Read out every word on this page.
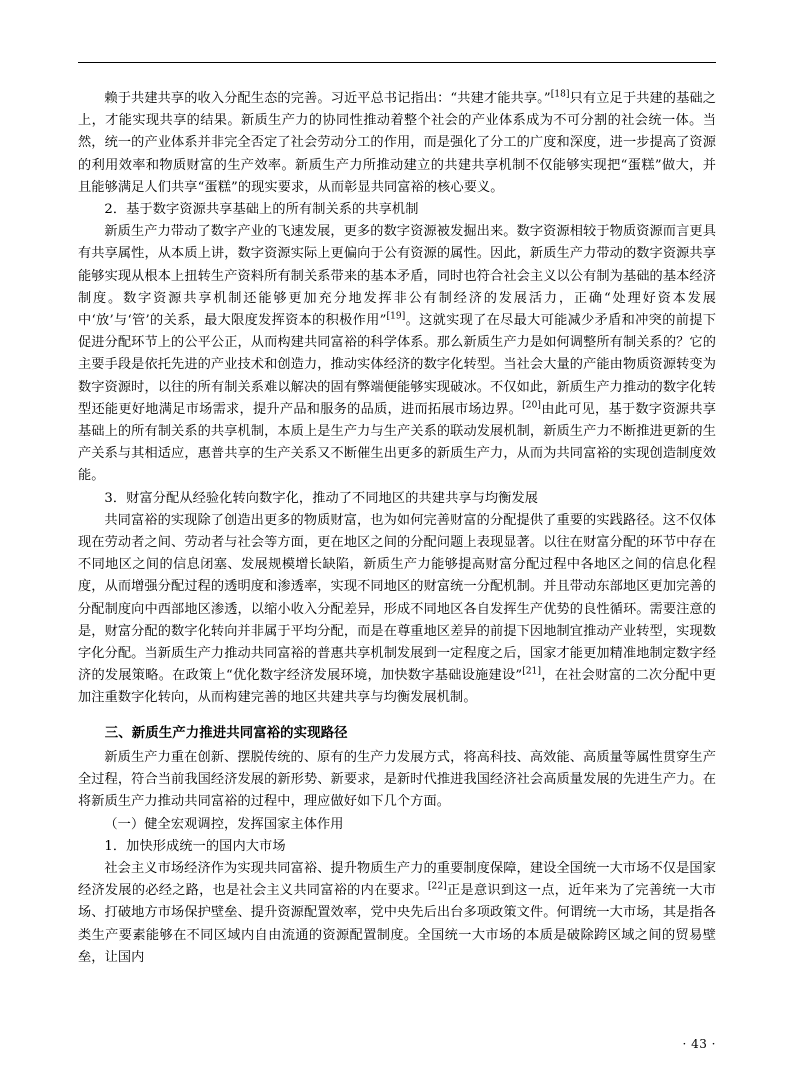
赖于共建共享的收入分配生态的完善。习近平总书记指出：“共建才能共享。”[18]只有立足于共建的基础之上，才能实现共享的结果。新质生产力的协同性推动着整个社会的产业体系成为不可分割的社会统一体。当然，统一的产业体系并非完全否定了社会劳动分工的作用，而是强化了分工的广度和深度，进一步提高了资源的利用效率和物质财富的生产效率。新质生产力所推动建立的共建共享机制不仅能够实现把“蛋糕”做大，并且能够满足人们共享“蛋糕”的现实要求，从而彰显共同富裕的核心要义。

2．基于数字资源共享基础上的所有制关系的共享机制

新质生产力带动了数字产业的飞速发展，更多的数字资源被发掘出来。数字资源相较于物质资源而言更具有共享属性，从本质上讲，数字资源实际上更偏向于公有资源的属性。因此，新质生产力带动的数字资源共享能够实现从根本上扭转生产资料所有制关系带来的基本矛盾，同时也符合社会主义以公有制为基础的基本经济制度。数字资源共享机制还能够更加充分地发挥非公有制经济的发展活力，正确“处理好资本发展中‘放’与‘管’的关系，最大限度发挥资本的积极作用”[19]。这就实现了在尽最大可能减少矛盾和冲突的前提下促进分配环节上的公平公正，从而构建共同富裕的科学体系。那么新质生产力是如何调整所有制关系的？它的主要手段是依托先进的产业技术和创造力，推动实体经济的数字化转型。当社会大量的产能由物质资源转变为数字资源时，以往的所有制关系难以解决的固有弊端便能够实现破冰。不仅如此，新质生产力推动的数字化转型还能更好地满足市场需求，提升产品和服务的品质，进而拓展市场边界。[20]由此可见，基于数字资源共享基础上的所有制关系的共享机制，本质上是生产力与生产关系的联动发展机制，新质生产力不断推进更新的生产关系与其相适应，惠普共享的生产关系又不断催生出更多的新质生产力，从而为共同富裕的实现创造制度效能。

3．财富分配从经验化转向数字化，推动了不同地区的共建共享与均衡发展

共同富裕的实现除了创造出更多的物质财富，也为如何完善财富的分配提供了重要的实践路径。这不仅体现在劳动者之间、劳动者与社会等方面，更在地区之间的分配问题上表现显著。以往在财富分配的环节中存在不同地区之间的信息闭塞、发展规模增长缺陷，新质生产力能够提高财富分配过程中各地区之间的信息化程度，从而增强分配过程的透明度和渗透率，实现不同地区的财富统一分配机制。并且带动东部地区更加完善的分配制度向中西部地区渗透，以缩小收入分配差异，形成不同地区各自发挥生产优势的良性循环。需要注意的是，财富分配的数字化转向并非属于平均分配，而是在尊重地区差异的前提下因地制宜推动产业转型，实现数字化分配。当新质生产力推动共同富裕的普惠共享机制发展到一定程度之后，国家才能更加精准地制定数字经济的发展策略。在政策上“优化数字经济发展环境，加快数字基础设施建设”[21]，在社会财富的二次分配中更加注重数字化转向，从而构建完善的地区共建共享与均衡发展机制。

三、新质生产力推进共同富裕的实现路径

新质生产力重在创新、摆脱传统的、原有的生产力发展方式，将高科技、高效能、高质量等属性贯穿生产全过程，符合当前我国经济发展的新形势、新要求，是新时代推进我国经济社会高质量发展的先进生产力。在将新质生产力推动共同富裕的过程中，理应做好如下几个方面。

（一）健全宏观调控，发挥国家主体作用

1．加快形成统一的国内大市场

社会主义市场经济作为实现共同富裕、提升物质生产力的重要制度保障，建设全国统一大市场不仅是国家经济发展的必经之路，也是社会主义共同富裕的内在要求。[22]正是意识到这一点，近年来为了完善统一大市场、打破地方市场保护壁垒、提升资源配置效率，党中央先后出台多项政策文件。何谓统一大市场，其是指各类生产要素能够在不同区域内自由流通的资源配置制度。全国统一大市场的本质是破除跨区域之间的贸易壁垒，让国内

· 43 ·
